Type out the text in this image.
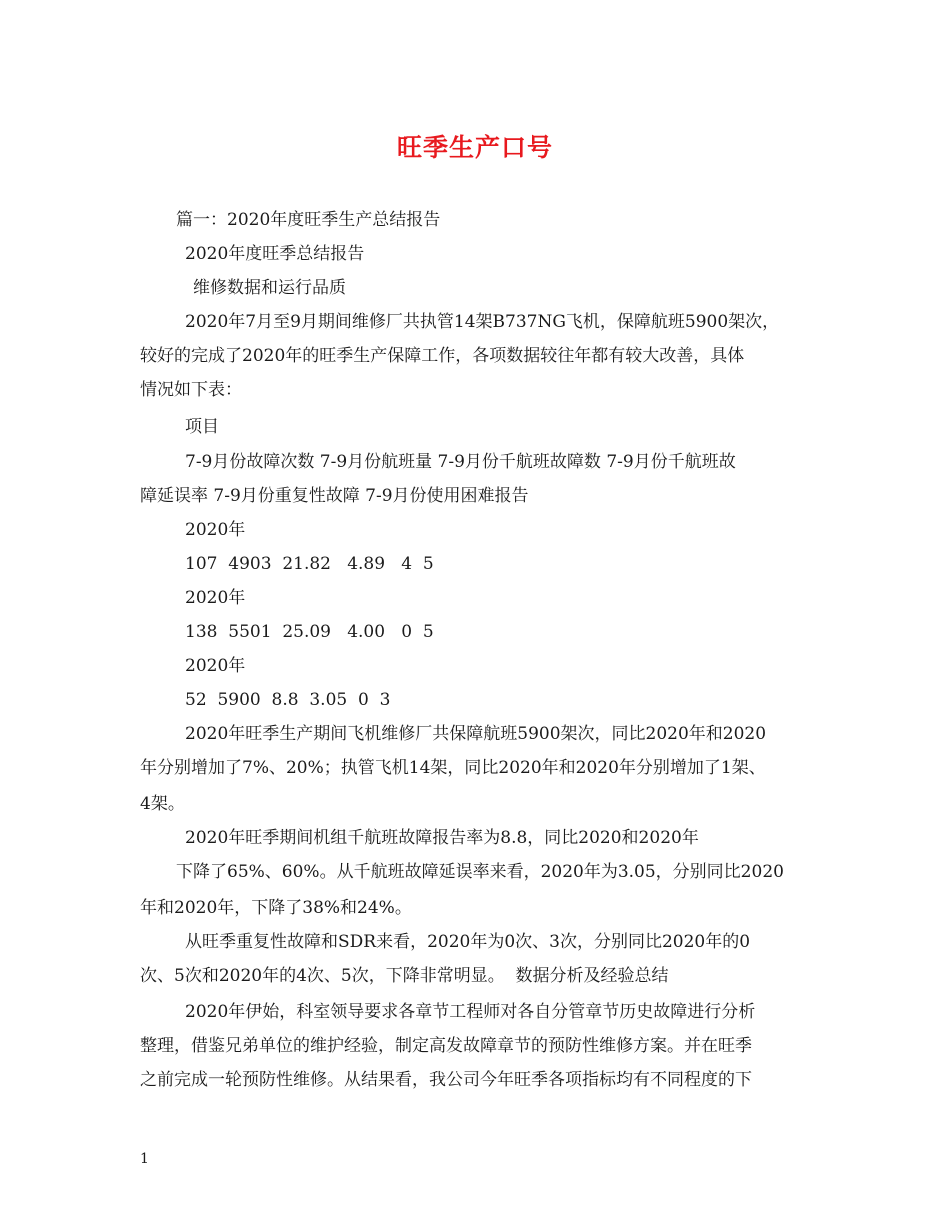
旺季生产口号
篇一：2020年度旺季生产总结报告
2020年度旺季总结报告
维修数据和运行品质
2020年7月至9月期间维修厂共执管14架B737NG飞机，保障航班5900架次，
较好的完成了2020年的旺季生产保障工作，各项数据较往年都有较大改善，具体
情况如下表：
项目
7-9月份故障次数 7-9月份航班量 7-9月份千航班故障数 7-9月份千航班故
障延误率 7-9月份重复性故障 7-9月份使用困难报告
2020年
107  4903  21.82   4.89   4  5
2020年
138  5501  25.09   4.00   0  5
2020年
52  5900  8.8  3.05  0  3
2020年旺季生产期间飞机维修厂共保障航班5900架次，同比2020年和2020
年分别增加了7%、20%；执管飞机14架，同比2020年和2020年分别增加了1架、
4架。
2020年旺季期间机组千航班故障报告率为8.8，同比2020和2020年
下降了65%、60%。从千航班故障延误率来看，2020年为3.05，分别同比2020
年和2020年，下降了38%和24%。
从旺季重复性故障和SDR来看，2020年为0次、3次，分别同比2020年的0
次、5次和2020年的4次、5次，下降非常明显。  数据分析及经验总结
2020年伊始，科室领导要求各章节工程师对各自分管章节历史故障进行分析
整理，借鉴兄弟单位的维护经验，制定高发故障章节的预防性维修方案。并在旺季
之前完成一轮预防性维修。从结果看，我公司今年旺季各项指标均有不同程度的下
1
